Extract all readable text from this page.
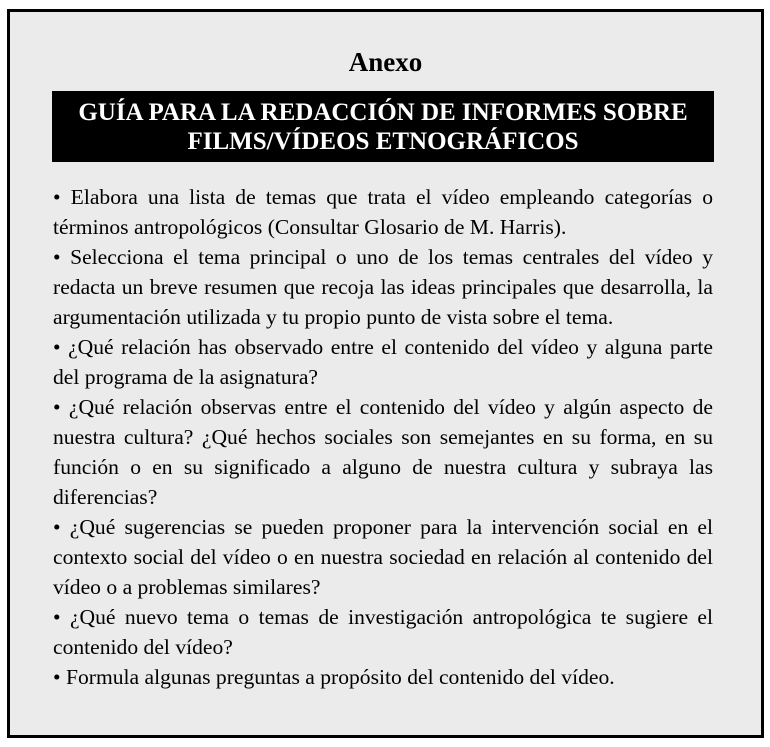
Anexo
GUÍA PARA LA REDACCIÓN DE INFORMES SOBRE
FILMS/VÍDEOS ETNOGRÁFICOS

• Elabora una lista de temas que trata el vídeo empleando categorías o términos antropológicos (Consultar Glosario de M. Harris).

• Selecciona el tema principal o uno de los temas centrales del vídeo y redacta un breve resumen que recoja las ideas principales que desarrolla, la argumentación utilizada y tu propio punto de vista sobre el tema.

• ¿Qué relación has observado entre el contenido del vídeo y alguna parte del programa de la asignatura?

• ¿Qué relación observas entre el contenido del vídeo y algún aspecto de nuestra cultura? ¿Qué hechos sociales son semejantes en su forma, en su función o en su significado a alguno de nuestra cultura y subraya las diferencias?

• ¿Qué sugerencias se pueden proponer para la intervención social en el contexto social del vídeo o en nuestra sociedad en relación al contenido del vídeo o a problemas similares?

• ¿Qué nuevo tema o temas de investigación antropológica te sugiere el contenido del vídeo?

• Formula algunas preguntas a propósito del contenido del vídeo.
